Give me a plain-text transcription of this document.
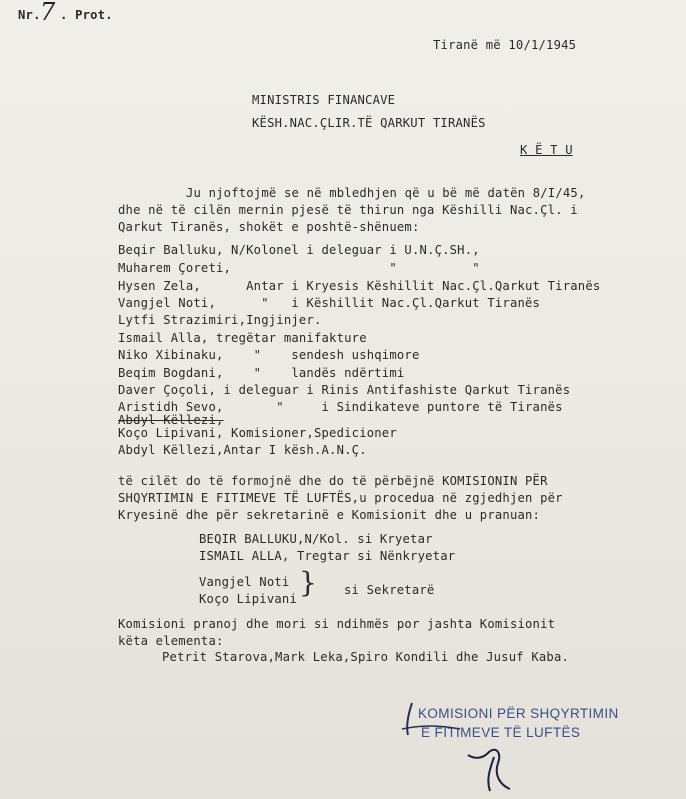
Nr. 7 . Prot.
Tiranë më 10/1/1945
MINISTRIS FINANCAVE
KËSH.NAC.ÇLIR.TË QARKUT TIRANËS
K Ë T U
Ju njoftojmë se në mbledhjen që u bë më datën 8/I/45,
dhe në të cilën mernin pjesë të thirun nga Këshilli Nac.Çl. i
Qarkut Tiranës, shokët e poshtë-shënuem:
Beqir Balluku, N/Kolonel i deleguar i U.N.Ç.SH.,
Muharem Çoreti,                     "          "
Hysen Zela,      Antar i Kryesis Këshillit Nac.Çl.Qarkut Tiranës
Vangjel Noti,      "   i Këshillit Nac.Çl.Qarkut Tiranës
Lytfi Strazimiri,Ingjinjer.
Ismail Alla, tregëtar manifakture
Niko Xibinaku,    "    sendesh ushqimore
Beqim Bogdani,    "    landës ndërtimi
Daver Çoçoli, i deleguar i Rinis Antifashiste Qarkut Tiranës
Aristidh Sevo,       "     i Sindikateve puntore të Tiranës
Abdyl Këllezi,
Koço Lipivani, Komisioner,Spedicioner
Abdyl Këllezi,Antar I kësh.A.N.Ç.
të cilët do të formojnë dhe do të përbëjnë KOMISIONIN PËR
SHQYRTIMIN E FITIMEVE TË LUFTËS,u procedua në zgjedhjen për
Kryesinë dhe për sekretarinë e Komisionit dhe u pranuan:
BEQIR BALLUKU,N/Kol. si Kryetar
ISMAIL ALLA, Tregtar si Nënkryetar
Vangjel Noti
Koço Lipivani } si Sekretarë
Komisioni pranoj dhe mori si ndihmës por jashta Komisionit
këta elementa:
Petrit Starova,Mark Leka,Spiro Kondili dhe Jusuf Kaba.
KOMISIONI PËR SHQYRTIMIN
E FITIMEVE TË LUFTËS
